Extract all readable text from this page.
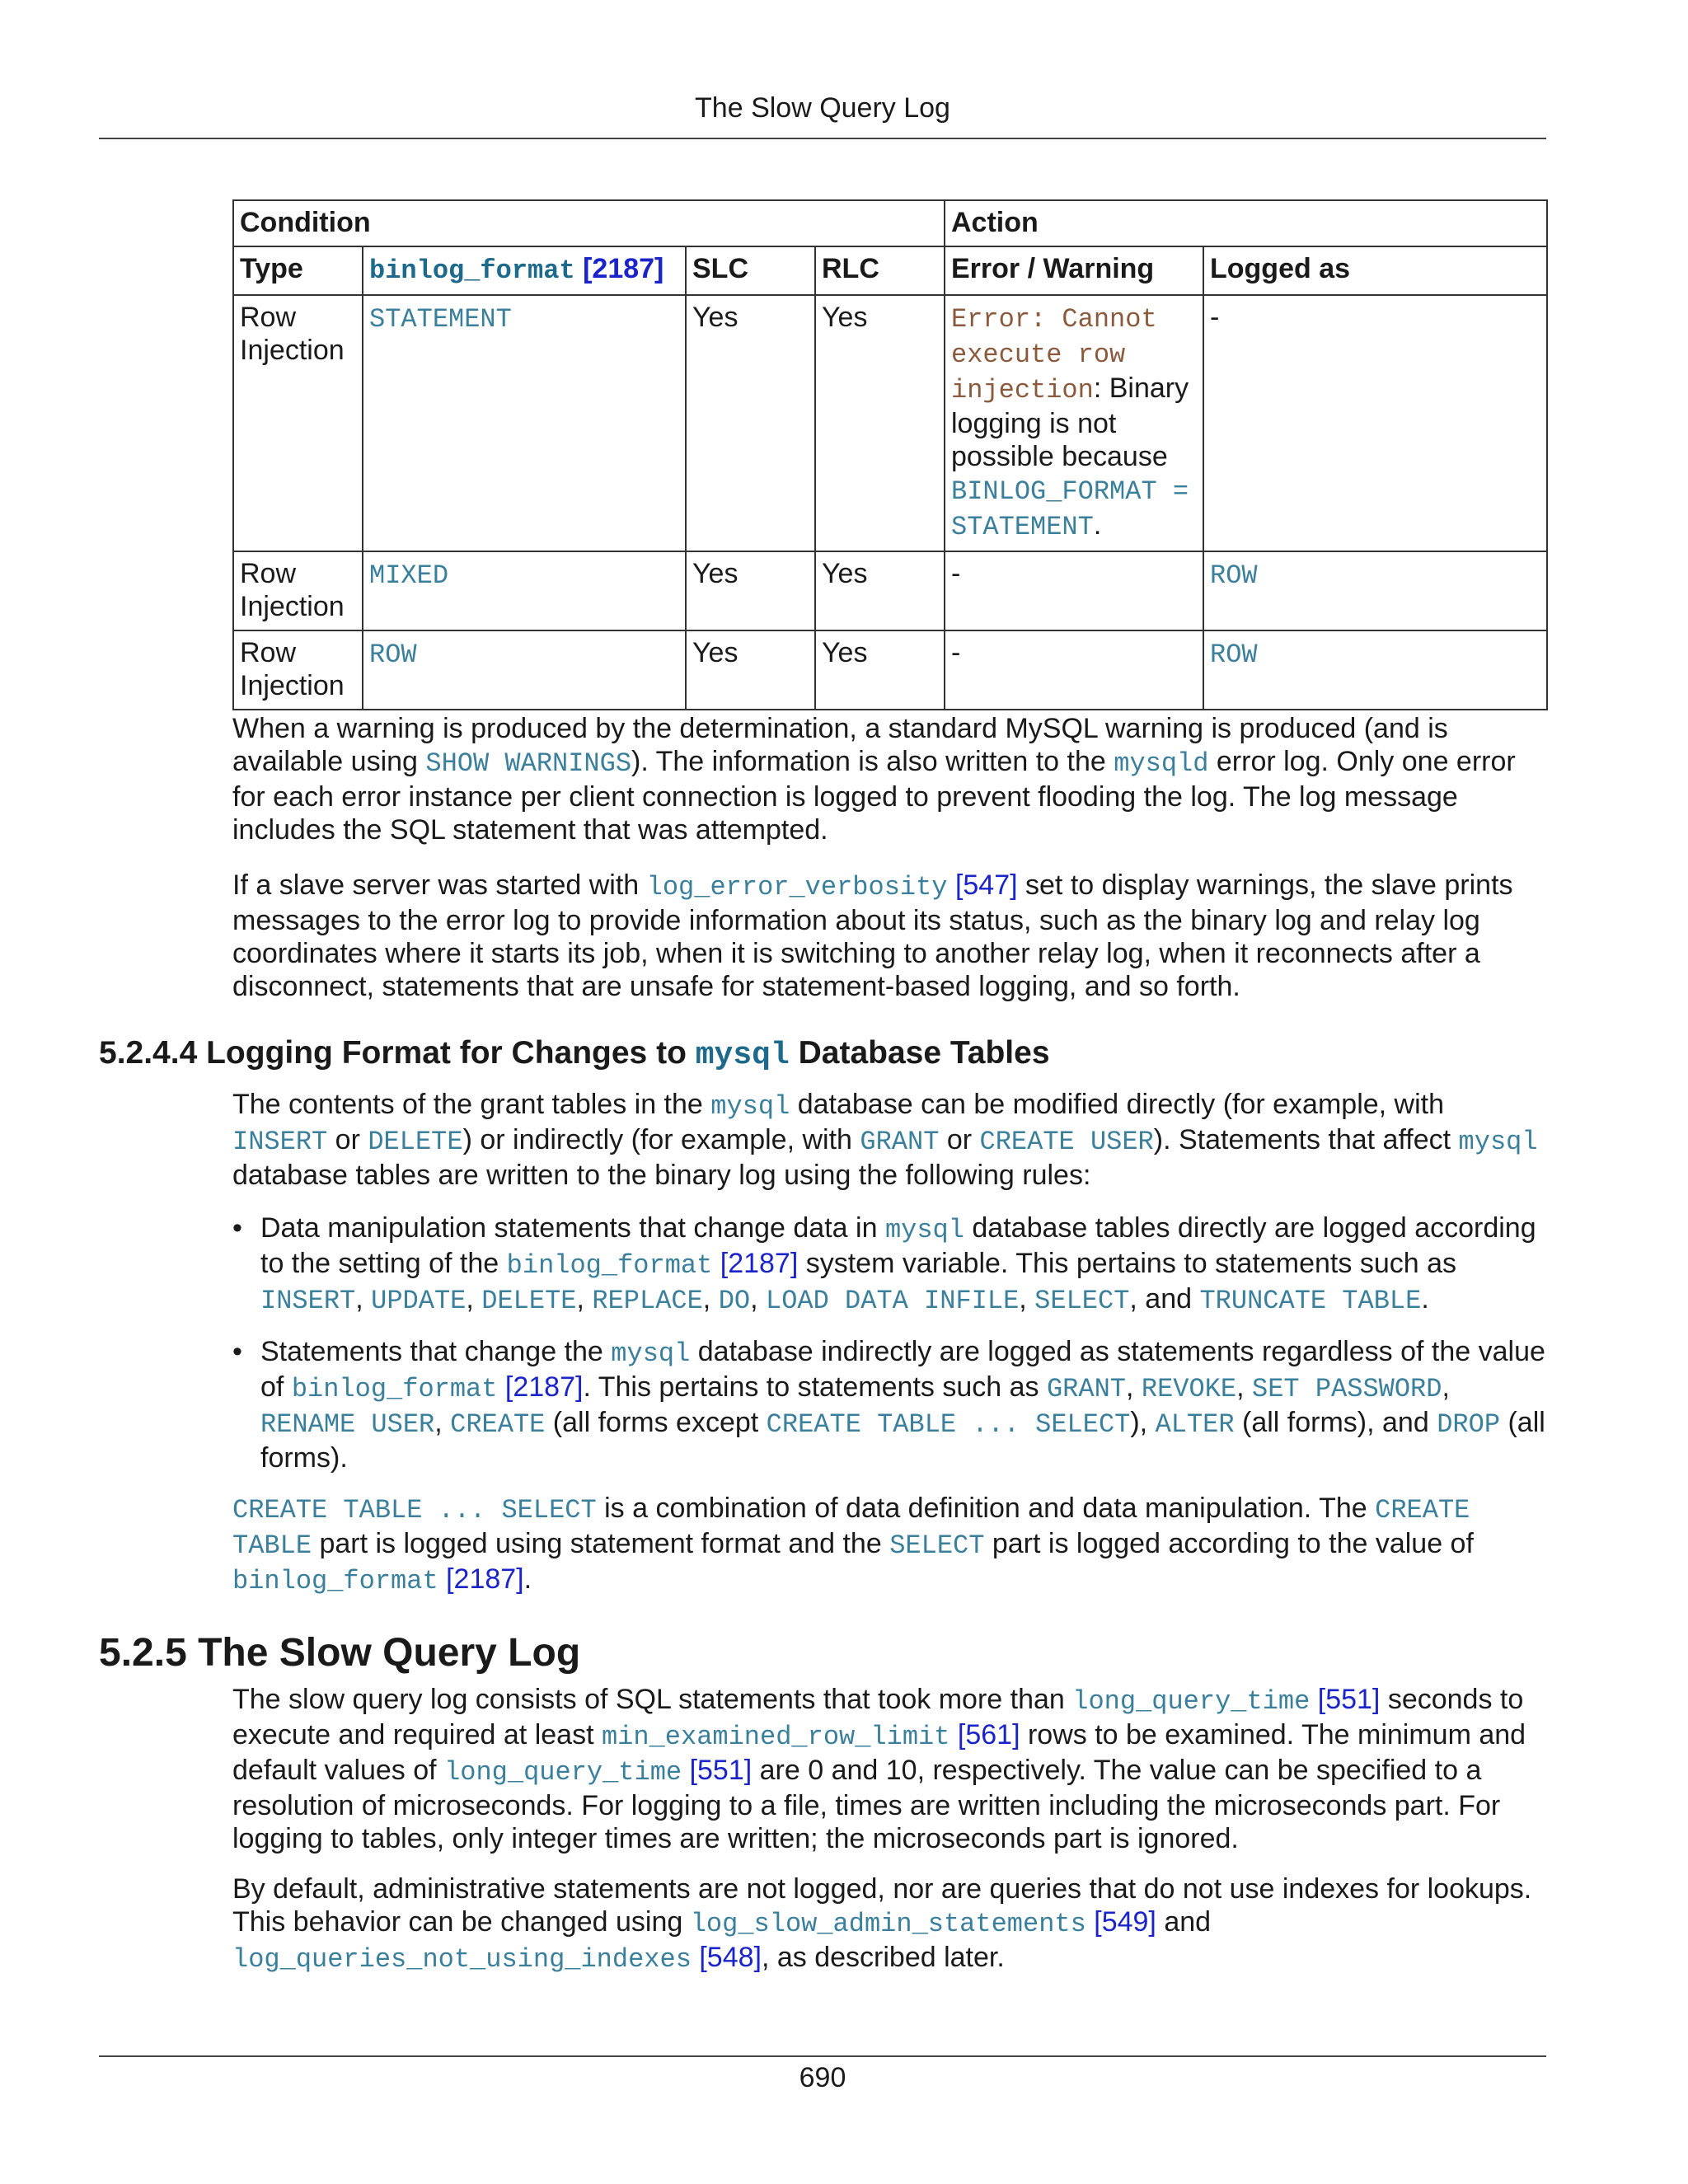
The Slow Query Log
Condition				Action	
Type	binlog_format [2187]	SLC	RLC	Error / Warning	Logged as
Row Injection	STATEMENT	Yes	Yes	Error: Cannot execute row injection: Binary logging is not possible because BINLOG_FORMAT = STATEMENT.	-
Row Injection	MIXED	Yes	Yes	-	ROW
Row Injection	ROW	Yes	Yes	-	ROW

When a warning is produced by the determination, a standard MySQL warning is produced (and is available using SHOW WARNINGS). The information is also written to the mysqld error log. Only one error for each error instance per client connection is logged to prevent flooding the log. The log message includes the SQL statement that was attempted.

If a slave server was started with log_error_verbosity [547] set to display warnings, the slave prints messages to the error log to provide information about its status, such as the binary log and relay log coordinates where it starts its job, when it is switching to another relay log, when it reconnects after a disconnect, statements that are unsafe for statement-based logging, and so forth.

5.2.4.4 Logging Format for Changes to mysql Database Tables

The contents of the grant tables in the mysql database can be modified directly (for example, with INSERT or DELETE) or indirectly (for example, with GRANT or CREATE USER). Statements that affect mysql database tables are written to the binary log using the following rules:

• Data manipulation statements that change data in mysql database tables directly are logged according to the setting of the binlog_format [2187] system variable. This pertains to statements such as INSERT, UPDATE, DELETE, REPLACE, DO, LOAD DATA INFILE, SELECT, and TRUNCATE TABLE.
• Statements that change the mysql database indirectly are logged as statements regardless of the value of binlog_format [2187]. This pertains to statements such as GRANT, REVOKE, SET PASSWORD, RENAME USER, CREATE (all forms except CREATE TABLE ... SELECT), ALTER (all forms), and DROP (all forms).

CREATE TABLE ... SELECT is a combination of data definition and data manipulation. The CREATE TABLE part is logged using statement format and the SELECT part is logged according to the value of binlog_format [2187].

5.2.5 The Slow Query Log

The slow query log consists of SQL statements that took more than long_query_time [551] seconds to execute and required at least min_examined_row_limit [561] rows to be examined. The minimum and default values of long_query_time [551] are 0 and 10, respectively. The value can be specified to a resolution of microseconds. For logging to a file, times are written including the microseconds part. For logging to tables, only integer times are written; the microseconds part is ignored.

By default, administrative statements are not logged, nor are queries that do not use indexes for lookups. This behavior can be changed using log_slow_admin_statements [549] and log_queries_not_using_indexes [548], as described later.

690
